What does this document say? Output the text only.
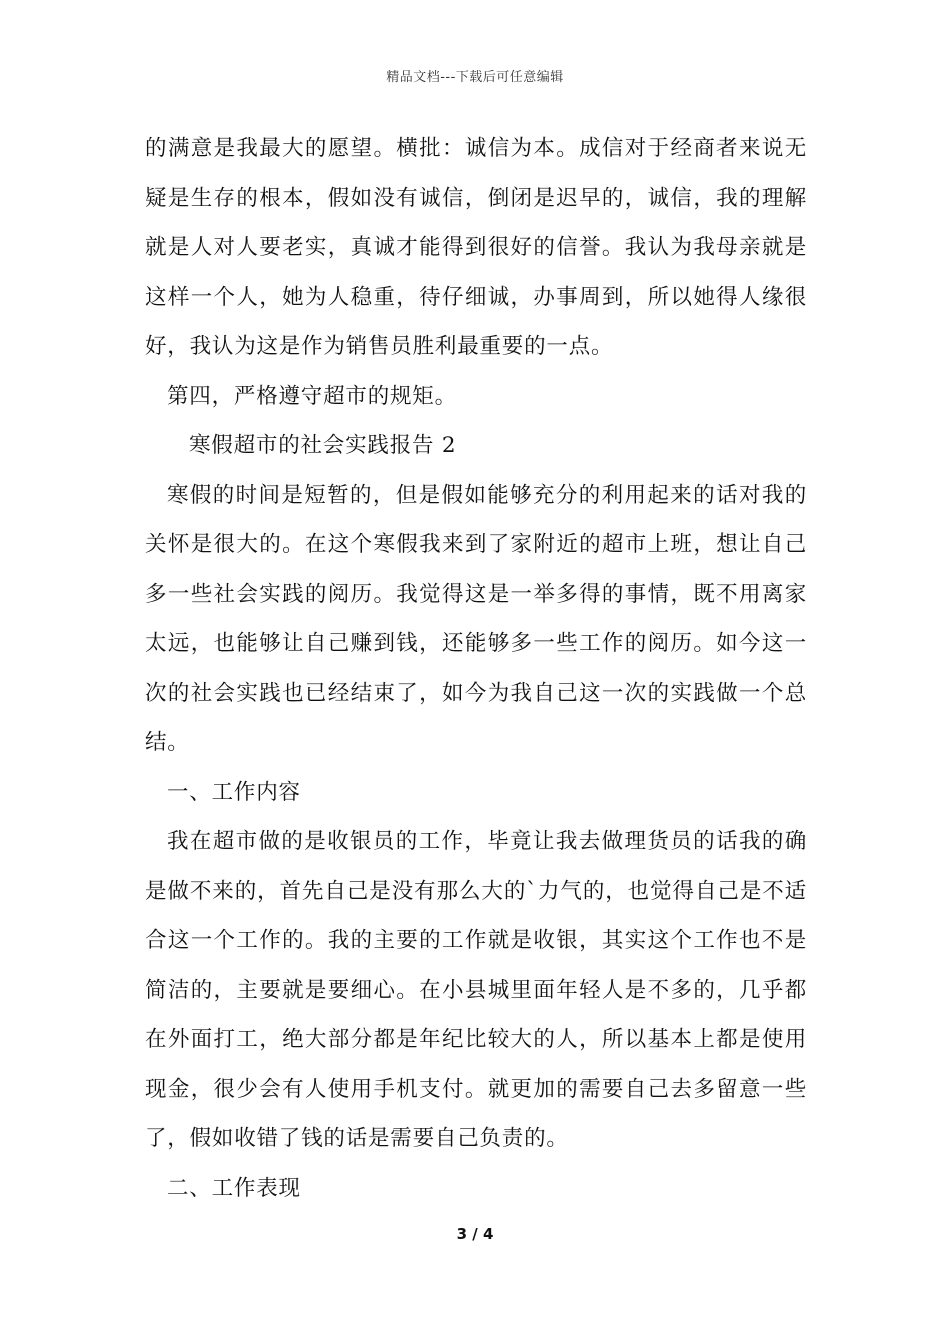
精品文档---下载后可任意编辑
的满意是我最大的愿望。横批：诚信为本。成信对于经商者来说无
疑是生存的根本，假如没有诚信，倒闭是迟早的，诚信，我的理解
就是人对人要老实，真诚才能得到很好的信誉。我认为我母亲就是
这样一个人，她为人稳重，待仔细诚，办事周到，所以她得人缘很
好，我认为这是作为销售员胜利最重要的一点。
第四，严格遵守超市的规矩。
寒假超市的社会实践报告 2
寒假的时间是短暂的，但是假如能够充分的利用起来的话对我的
关怀是很大的。在这个寒假我来到了家附近的超市上班，想让自己
多一些社会实践的阅历。我觉得这是一举多得的事情，既不用离家
太远，也能够让自己赚到钱，还能够多一些工作的阅历。如今这一
次的社会实践也已经结束了，如今为我自己这一次的实践做一个总
结。
一、工作内容
我在超市做的是收银员的工作，毕竟让我去做理货员的话我的确
是做不来的，首先自己是没有那么大的`力气的，也觉得自己是不适
合这一个工作的。我的主要的工作就是收银，其实这个工作也不是
简洁的，主要就是要细心。在小县城里面年轻人是不多的，几乎都
在外面打工，绝大部分都是年纪比较大的人，所以基本上都是使用
现金，很少会有人使用手机支付。就更加的需要自己去多留意一些
了，假如收错了钱的话是需要自己负责的。
二、工作表现
3 / 4
